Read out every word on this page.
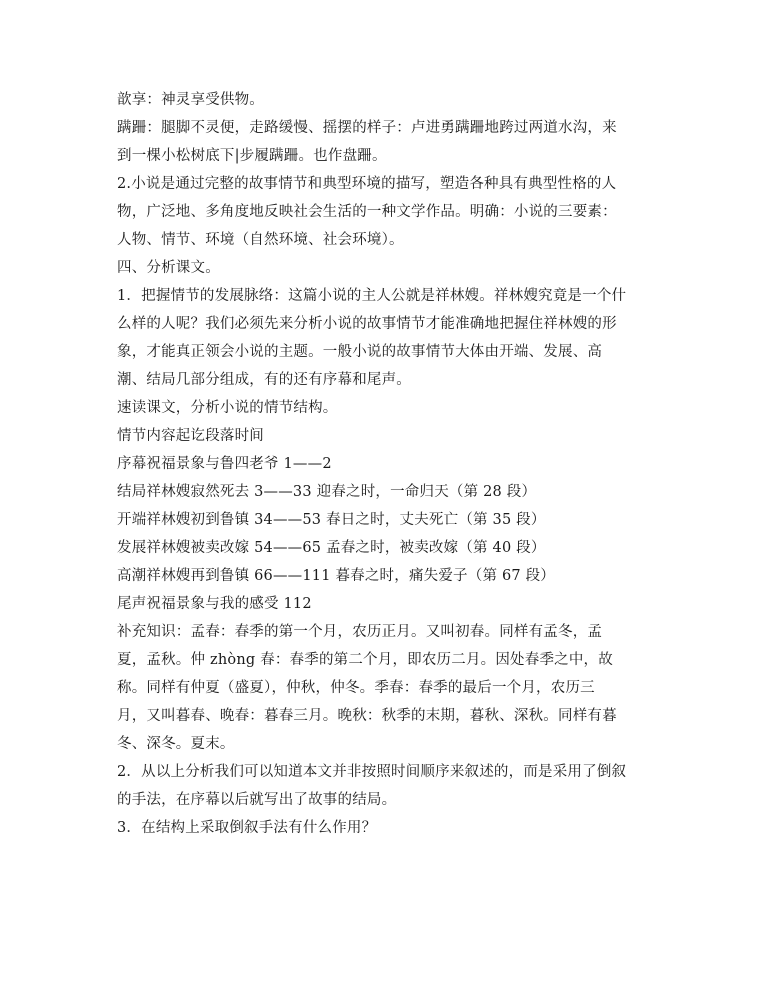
歆享：神灵享受供物。
蹒跚：腿脚不灵便，走路缓慢、摇摆的样子：卢进勇蹒跚地跨过两道水沟，来
到一棵小松树底下|步履蹒跚。也作盘跚。
2.小说是通过完整的故事情节和典型环境的描写，塑造各种具有典型性格的人
物，广泛地、多角度地反映社会生活的一种文学作品。明确：小说的三要素：
人物、情节、环境（自然环境、社会环境）。
四、分析课文。
1．把握情节的发展脉络：这篇小说的主人公就是祥林嫂。祥林嫂究竟是一个什
么样的人呢？我们必须先来分析小说的故事情节才能准确地把握住祥林嫂的形
象，才能真正领会小说的主题。一般小说的故事情节大体由开端、发展、高
潮、结局几部分组成，有的还有序幕和尾声。
速读课文，分析小说的情节结构。
情节内容起讫段落时间
序幕祝福景象与鲁四老爷 1——2
结局祥林嫂寂然死去 3——33 迎春之时，一命归天（第 28 段）
开端祥林嫂初到鲁镇 34——53 春日之时，丈夫死亡（第 35 段）
发展祥林嫂被卖改嫁 54——65 孟春之时，被卖改嫁（第 40 段）
高潮祥林嫂再到鲁镇 66——111 暮春之时，痛失爱子（第 67 段）
尾声祝福景象与我的感受 112
补充知识：孟春：春季的第一个月，农历正月。又叫初春。同样有孟冬，孟
夏，孟秋。仲 zhòng 春：春季的第二个月，即农历二月。因处春季之中，故
称。同样有仲夏（盛夏），仲秋，仲冬。季春：春季的最后一个月，农历三
月，又叫暮春、晚春：暮春三月。晚秋：秋季的末期，暮秋、深秋。同样有暮
冬、深冬。夏末。
2．从以上分析我们可以知道本文并非按照时间顺序来叙述的，而是采用了倒叙
的手法，在序幕以后就写出了故事的结局。
3．在结构上采取倒叙手法有什么作用？
